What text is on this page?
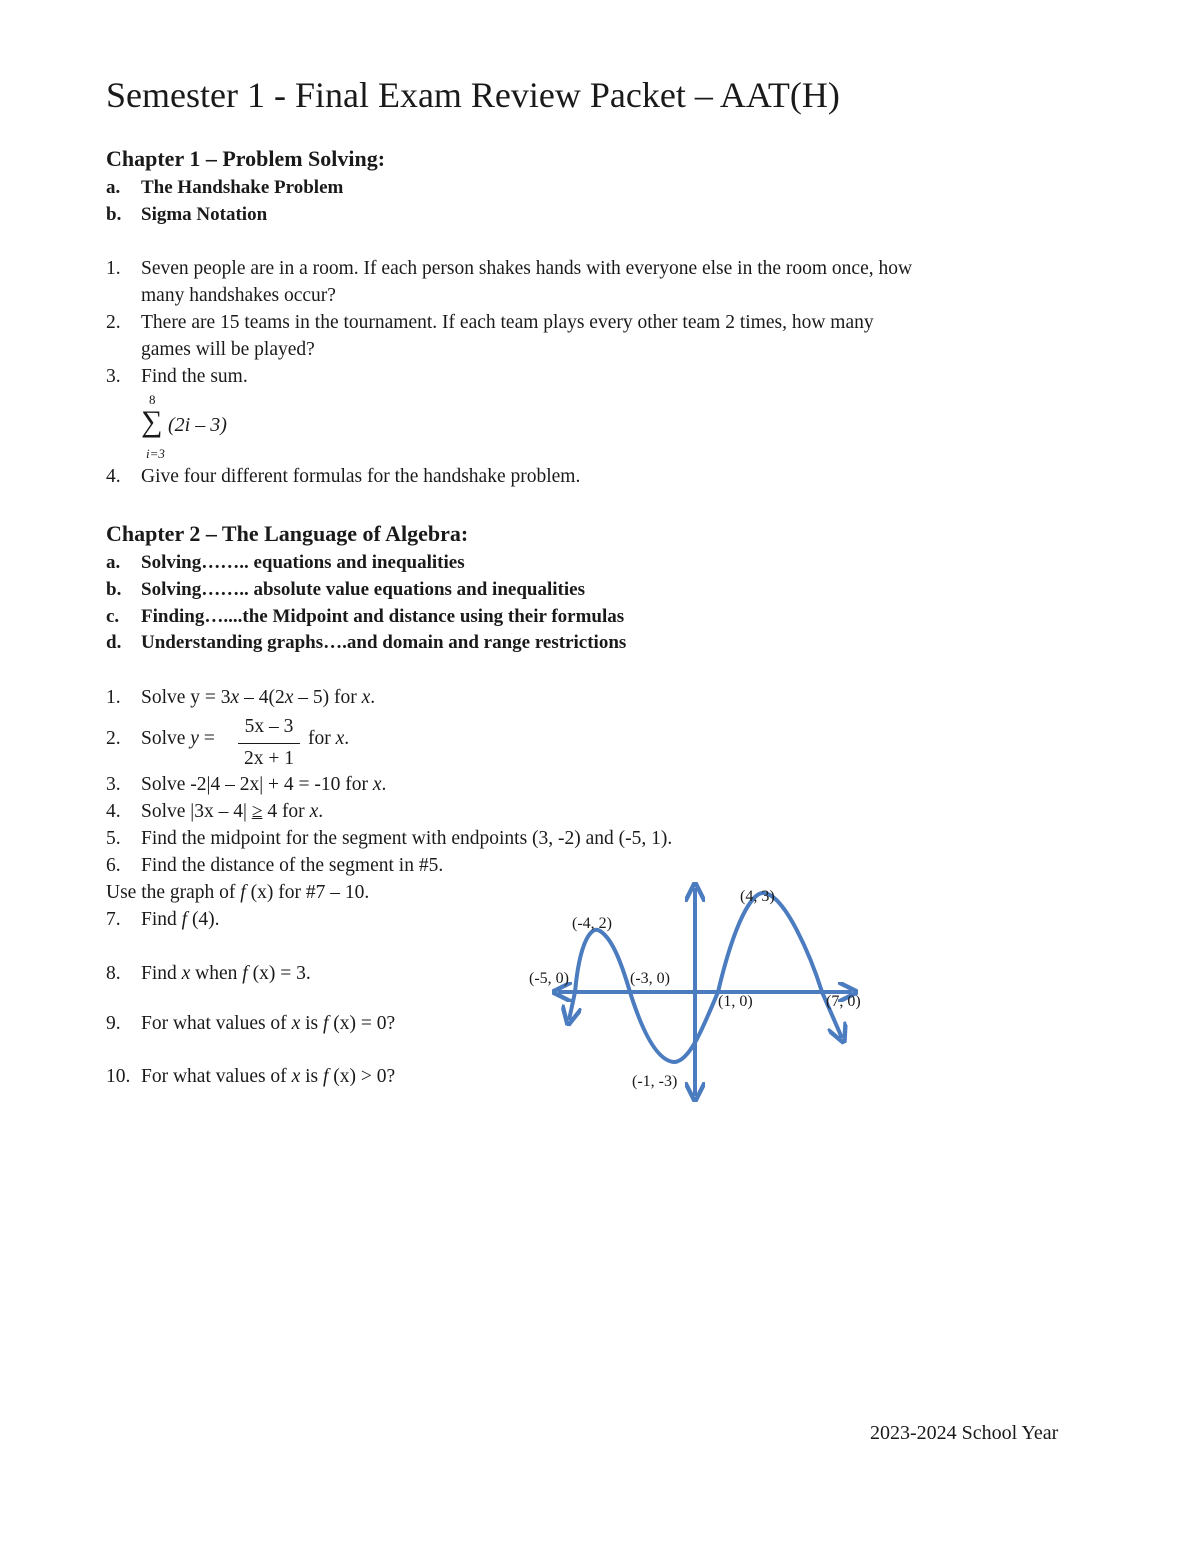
Semester 1 - Final Exam Review Packet – AAT(H)
Chapter 1 – Problem Solving:
a. The Handshake Problem
b. Sigma Notation
1. Seven people are in a room. If each person shakes hands with everyone else in the room once, how
many handshakes occur?
2. There are 15 teams in the tournament. If each team plays every other team 2 times, how many
games will be played?
3. Find the sum.
8
∑ (2i – 3)
i=3
4. Give four different formulas for the handshake problem.
Chapter 2 – The Language of Algebra:
a. Solving…….. equations and inequalities
b. Solving…….. absolute value equations and inequalities
c. Finding…....the Midpoint and distance using their formulas
d. Understanding graphs….and domain and range restrictions
1. Solve y = 3x – 4(2x – 5) for x.
2. Solve y =	for x.
5x – 3
2x + 1
3. Solve -2|4 – 2x| + 4 = -10 for x.
4. Solve |3x – 4| ≥ 4 for x.
5. Find the midpoint for the segment with endpoints (3, -2) and (-5, 1).
6. Find the distance of the segment in #5.
Use the graph of f (x) for #7 – 10.
7. Find f (4).
8. Find x when f (x) = 3.
9. For what values of x is f (x) = 0?
10. For what values of x is f (x) > 0?
(-4, 2)
(4, 3)
(-5, 0)	(-3, 0)
(1, 0)	(7, 0)
(-1, -3)
2023-2024 School Year
